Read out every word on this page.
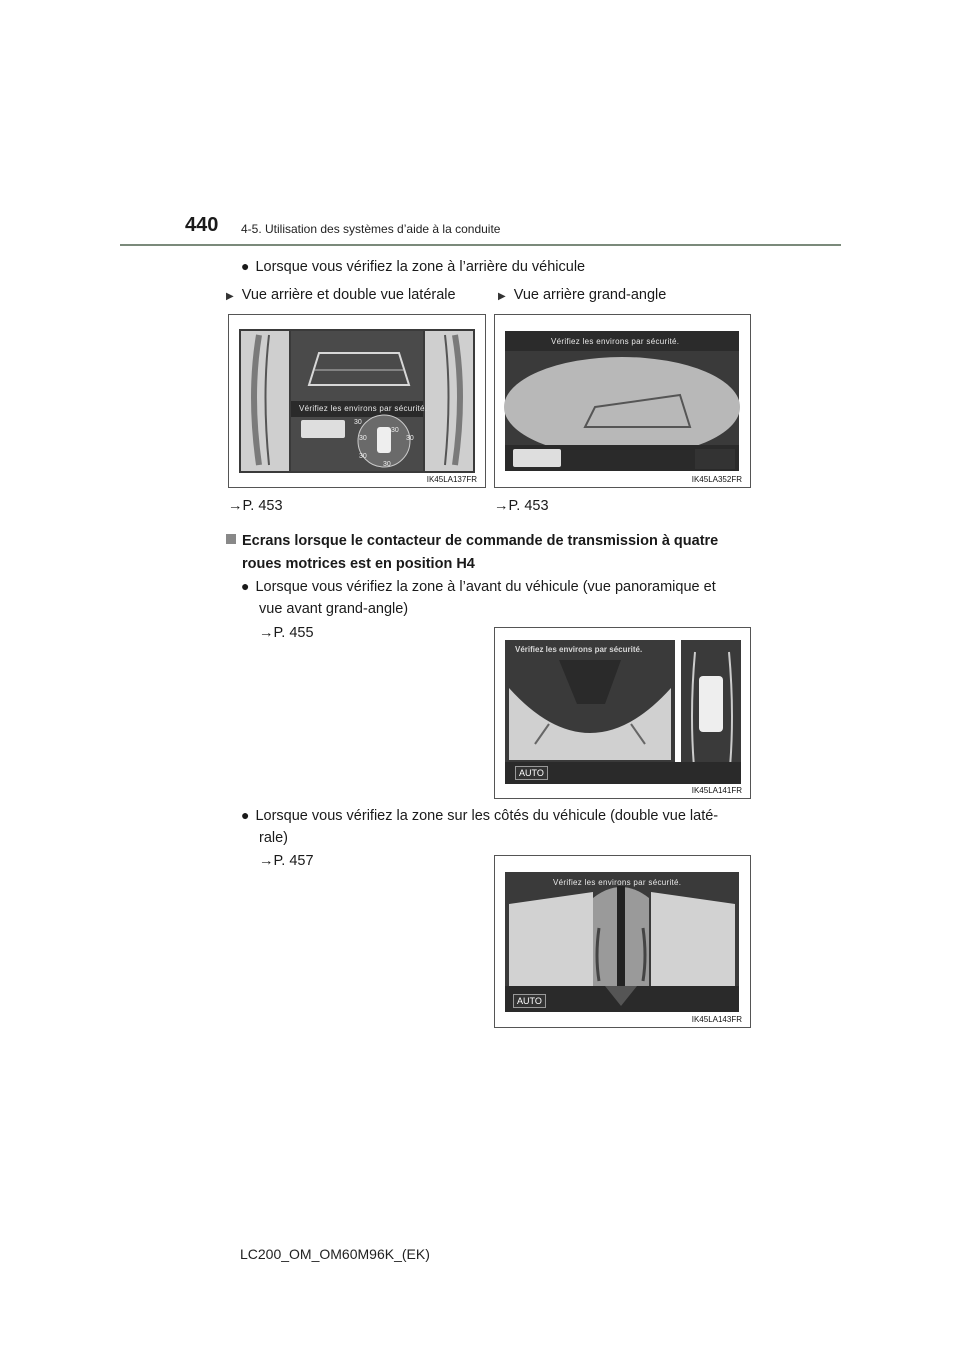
440 4-5. Utilisation des systèmes d’aide à la conduite
● Lorsque vous vérifiez la zone à l’arrière du véhicule
▶ Vue arrière et double vue latérale	▶ Vue arrière grand-angle
Vérifiez les environs par sécurité.
30
30
30	30
30
30
IK45LA137FR
Vérifiez les environs par sécurité.
IK45LA352FR
→P. 453	→P. 453
Ecrans lorsque le contacteur de commande de transmission à quatre
roues motrices est en position H4
● Lorsque vous vérifiez la zone à l’avant du véhicule (vue panoramique et
vue avant grand-angle)
→P. 455
Vérifiez les environs par sécurité.
AUTO
IK45LA141FR
● Lorsque vous vérifiez la zone sur les côtés du véhicule (double vue laté-
rale)
→P. 457
Vérifiez les environs par sécurité.
AUTO
IK45LA143FR
LC200_OM_OM60M96K_(EK)
